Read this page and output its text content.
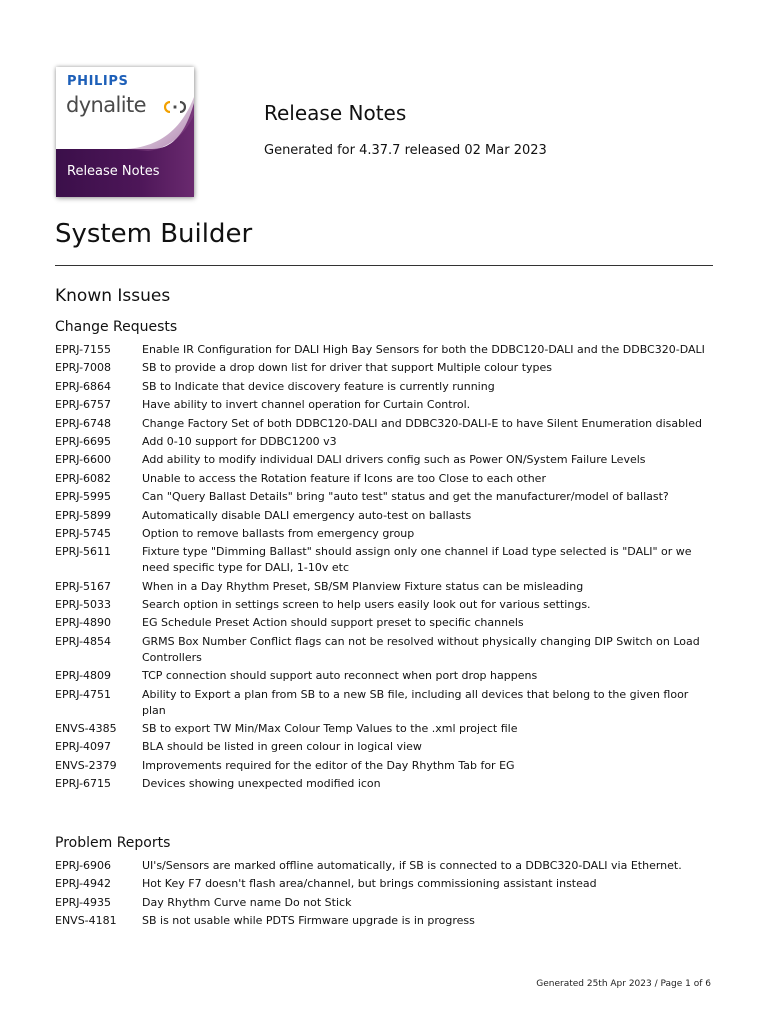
PHILIPS
dynalite
Release Notes
Release Notes

Generated for 4.37.7 released 02 Mar 2023

System Builder
Known Issues
Change Requests
EPRJ-7155	Enable IR Configuration for DALI High Bay Sensors for both the DDBC120-DALI and the DDBC320-DALI
EPRJ-7008	SB to provide a drop down list for driver that support Multiple colour types
EPRJ-6864	SB to Indicate that device discovery feature is currently running
EPRJ-6757	Have ability to invert channel operation for Curtain Control.
EPRJ-6748	Change Factory Set of both DDBC120-DALI and DDBC320-DALI-E to have Silent Enumeration disabled
EPRJ-6695	Add 0-10 support for DDBC1200 v3
EPRJ-6600	Add ability to modify individual DALI drivers config such as Power ON/System Failure Levels
EPRJ-6082	Unable to access the Rotation feature if Icons are too Close to each other
EPRJ-5995	Can "Query Ballast Details" bring "auto test" status and get the manufacturer/model of ballast?
EPRJ-5899	Automatically disable DALI emergency auto-test on ballasts
EPRJ-5745	Option to remove ballasts from emergency group
EPRJ-5611	Fixture type "Dimming Ballast" should assign only one channel if Load type selected is "DALI" or we need specific type for DALI, 1-10v etc
EPRJ-5167	When in a Day Rhythm Preset, SB/SM Planview Fixture status can be misleading
EPRJ-5033	Search option in settings screen to help users easily look out for various settings.
EPRJ-4890	EG Schedule Preset Action should support preset to specific channels
EPRJ-4854	GRMS Box Number Conflict flags can not be resolved without physically changing DIP Switch on Load Controllers
EPRJ-4809	TCP connection should support auto reconnect when port drop happens
EPRJ-4751	Ability to Export a plan from SB to a new SB file, including all devices that belong to the given floor plan
ENVS-4385	SB to export TW Min/Max Colour Temp Values to the .xml project file
EPRJ-4097	BLA should be listed in green colour in logical view
ENVS-2379	Improvements required for the editor of the Day Rhythm Tab for EG
EPRJ-6715	Devices showing unexpected modified icon
Problem Reports
EPRJ-6906	UI's/Sensors are marked offline automatically, if SB is connected to a DDBC320-DALI via Ethernet.
EPRJ-4942	Hot Key F7 doesn't flash area/channel, but brings commissioning assistant instead
EPRJ-4935	Day Rhythm Curve name Do not Stick
ENVS-4181	SB is not usable while PDTS Firmware upgrade is in progress

Generated 25th Apr 2023 / Page 1 of 6
